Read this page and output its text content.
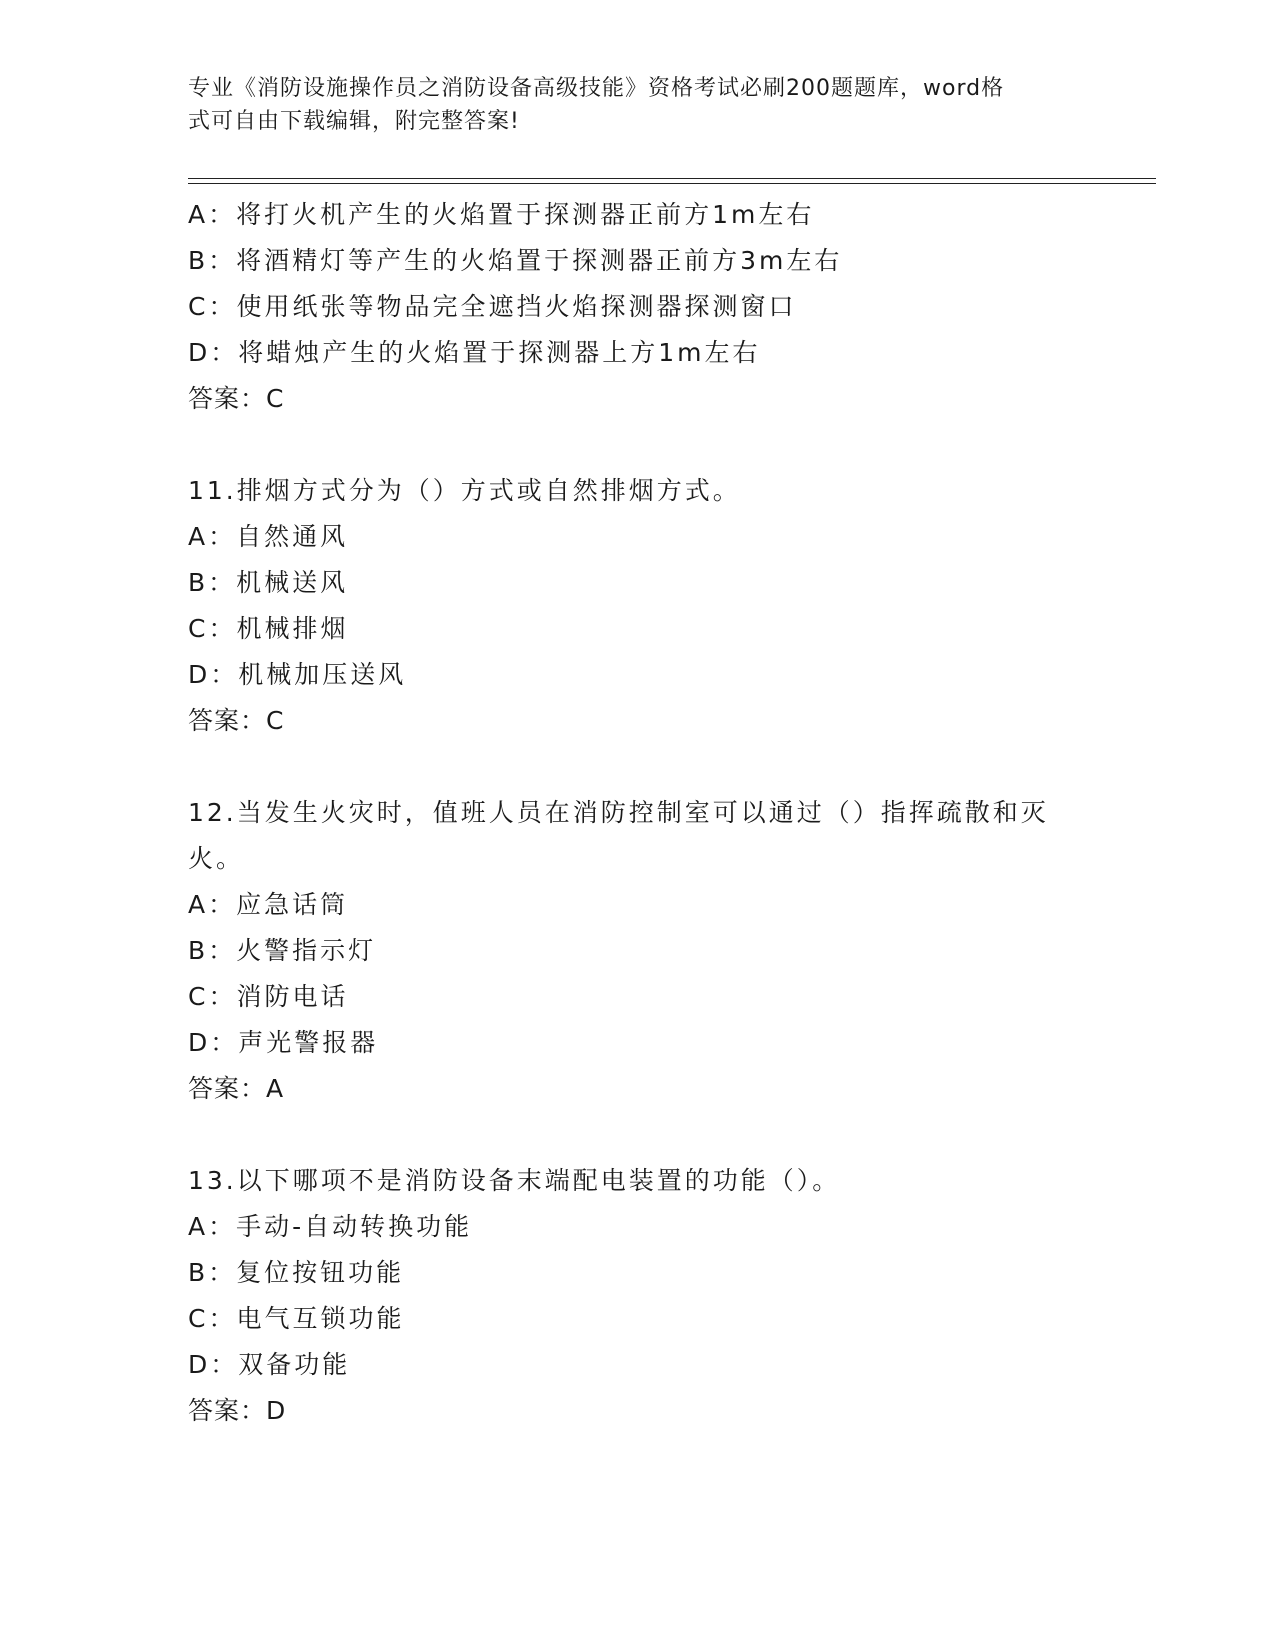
专业《消防设施操作员之消防设备高级技能》资格考试必刷200题题库，word格
式可自由下载编辑，附完整答案!
A：将打火机产生的火焰置于探测器正前方1m左右
B：将酒精灯等产生的火焰置于探测器正前方3m左右
C：使用纸张等物品完全遮挡火焰探测器探测窗口
D：将蜡烛产生的火焰置于探测器上方1m左右
答案：C
11.排烟方式分为（）方式或自然排烟方式。
A：自然通风
B：机械送风
C：机械排烟
D：机械加压送风
答案：C
12.当发生火灾时，值班人员在消防控制室可以通过（）指挥疏散和灭
火。
A：应急话筒
B：火警指示灯
C：消防电话
D：声光警报器
答案：A
13.以下哪项不是消防设备末端配电装置的功能（）。
A：手动-自动转换功能
B：复位按钮功能
C：电气互锁功能
D：双备功能
答案：D
